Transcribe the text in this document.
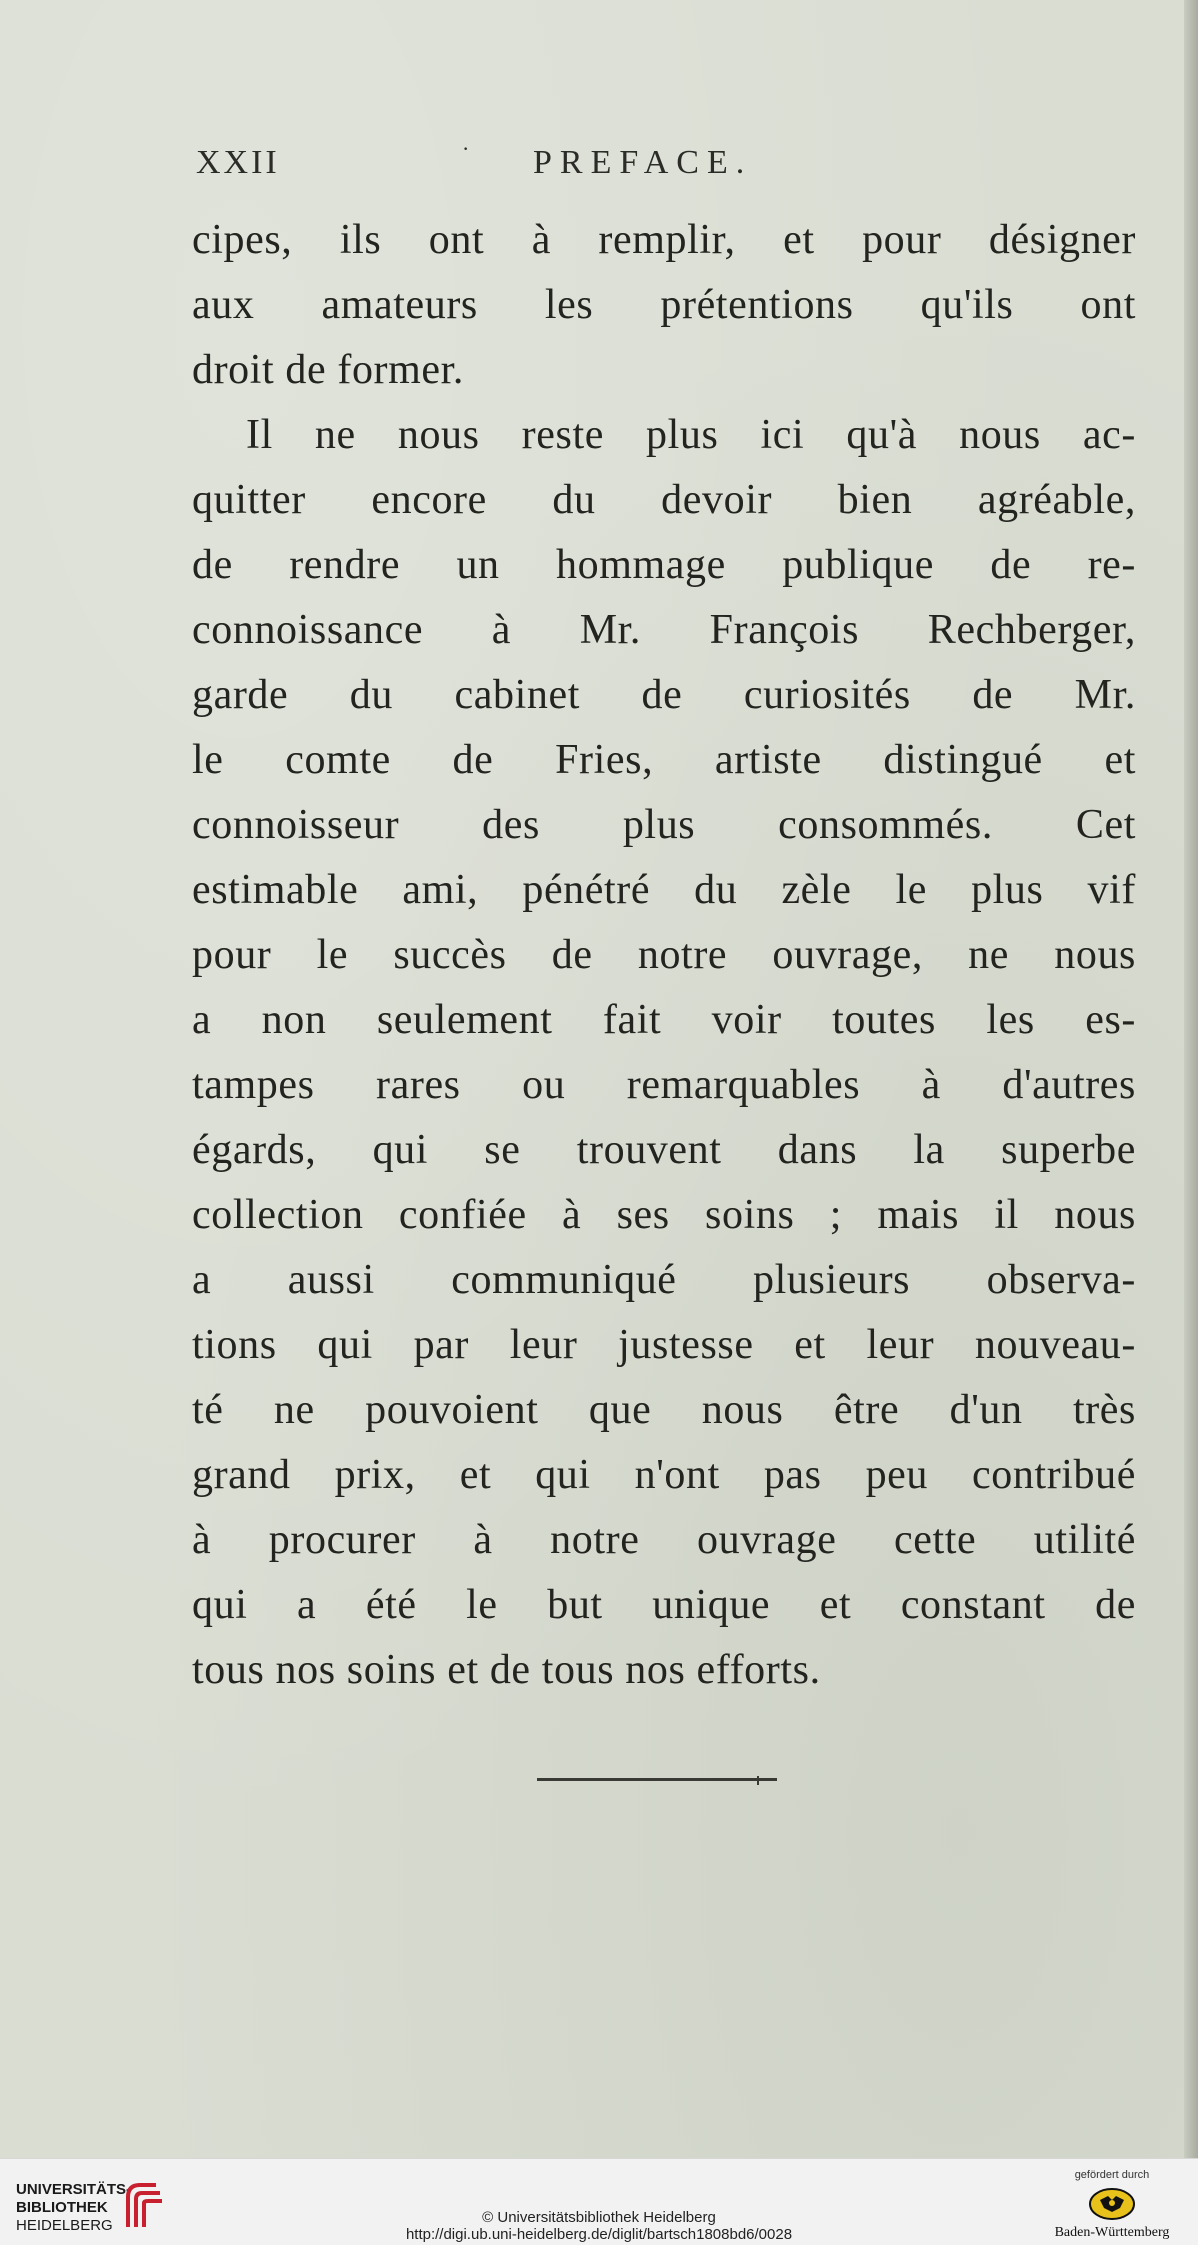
XXII	· PREFACE.
cipes, ils ont à remplir, et pour désigner
aux amateurs les prétentions qu'ils ont
droit de former.
Il ne nous reste plus ici qu'à nous ac-
quitter encore du devoir bien agréable,
de rendre un hommage publique de re-
connoissance à Mr. François Rechberger,
garde du cabinet de curiosités de Mr.
le comte de Fries, artiste distingué et
connoisseur des plus consommés. Cet
estimable ami, pénétré du zèle le plus vif
pour le succès de notre ouvrage, ne nous
a non seulement fait voir toutes les es-
tampes rares ou remarquables à d'autres
égards, qui se trouvent dans la superbe
collection confiée à ses soins ; mais il nous
a aussi communiqué plusieurs observa-
tions qui par leur justesse et leur nouveau-
té ne pouvoient que nous être d'un très
grand prix, et qui n'ont pas peu contribué
à procurer à notre ouvrage cette utilité
qui a été le but unique et constant de
tous nos soins et de tous nos efforts.
UNIVERSITÄTS-
BIBLIOTHEK
HEIDELBERG	© Universitätsbibliothek Heidelberg
http://digi.ub.uni-heidelberg.de/diglit/bartsch1808bd6/0028
gefördert durch
Baden-Württemberg
